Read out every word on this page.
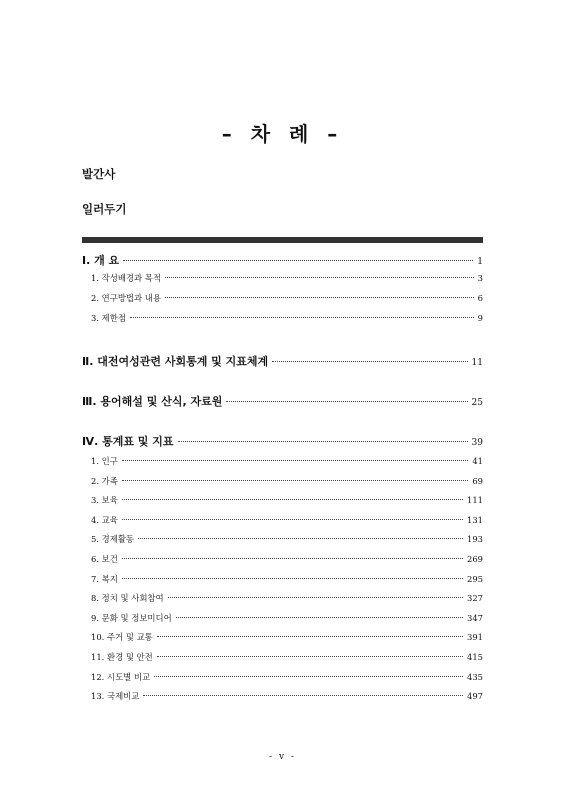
– 차 례 –
발간사
일러두기
Ⅰ. 개 요	1
1. 작성배경과 목적	3
2. 연구방법과 내용	6
3. 제한점	9
Ⅱ. 대전여성관련 사회통계 및 지표체계	11
Ⅲ. 용어해설 및 산식, 자료원	25
Ⅳ. 통계표 및 지표	39
1. 인구	41
2. 가족	69
3. 보육	111
4. 교육	131
5. 경제활동	193
6. 보건	269
7. 복지	295
8. 정치 및 사회참여	327
9. 문화 및 정보미디어	347
10. 주거 및 교통	391
11. 환경 및 안전	415
12. 시도별 비교	435
13. 국제비교	497
- v -
